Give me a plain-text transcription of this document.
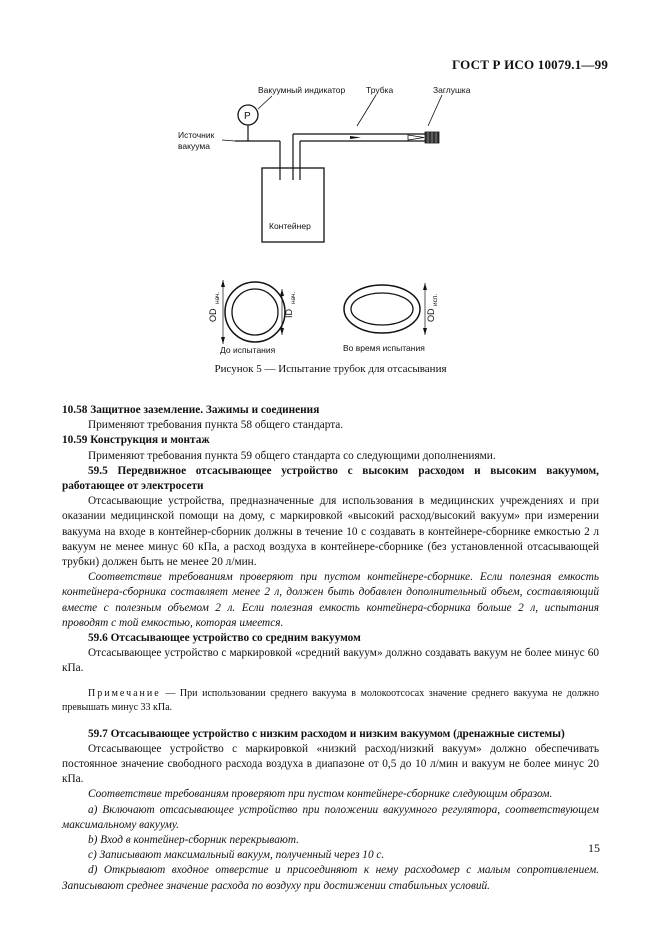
ГОСТ Р ИСО 10079.1—99
P
Вакуумный индикатор Трубка	Заглушка
Источник
вакуума
Контейнер
OD
нач.
ID
нач.
OD
исп.
До испытания	Во время испытания
Рисунок 5 — Испытание трубок для отсасывания

10.58 Защитное заземление. Зажимы и соединения

Применяют требования пункта 58 общего стандарта.

10.59 Конструкция и монтаж

Применяют требования пункта 59 общего стандарта со следующими дополнениями.

59.5 Передвижное отсасывающее устройство с высоким расходом и высоким вакуумом, работающее от электросети

Отсасывающие устройства, предназначенные для использования в медицинских учреждениях и при оказании медицинской помощи на дому, с маркировкой «высокий расход/высокий вакуум» при измерении вакуума на входе в контейнер-сборник должны в течение 10 с создавать в контейнере-сборнике емкостью 2 л вакуум не менее минус 60 кПа, а расход воздуха в контейнере-сборнике (без установленной отсасывающей трубки) должен быть не менее 20 л/мин.

Соответствие требованиям проверяют при пустом контейнере-сборнике. Если полезная емкость контейнера-сборника составляет менее 2 л, должен быть добавлен дополнительный объем, составляющий вместе с полезным объемом 2 л. Если полезная емкость контейнера-сборника больше 2 л, испытания проводят с той емкостью, которая имеется.

59.6 Отсасывающее устройство со средним вакуумом

Отсасывающее устройство с маркировкой «средний вакуум» должно создавать вакуум не более минус 60 кПа.

Примечание — При использовании среднего вакуума в молокоотсосах значение среднего вакуума не должно превышать минус 33 кПа.

59.7 Отсасывающее устройство с низким расходом и низким вакуумом (дренажные системы)

Отсасывающее устройство с маркировкой «низкий расход/низкий вакуум» должно обеспечивать постоянное значение свободного расхода воздуха в диапазоне от 0,5 до 10 л/мин и вакуум не более минус 20 кПа.

Соответствие требованиям проверяют при пустом контейнере-сборнике следующим образом.

а) Включают отсасывающее устройство при положении вакуумного регулятора, соответствующем максимальному вакууму.

b) Вход в контейнер-сборник перекрывают.

c) Записывают максимальный вакуум, полученный через 10 с.

d) Открывают входное отверстие и присоединяют к нему расходомер с малым сопротивлением. Записывают среднее значение расхода по воздуху при достижении стабильных условий.

15
